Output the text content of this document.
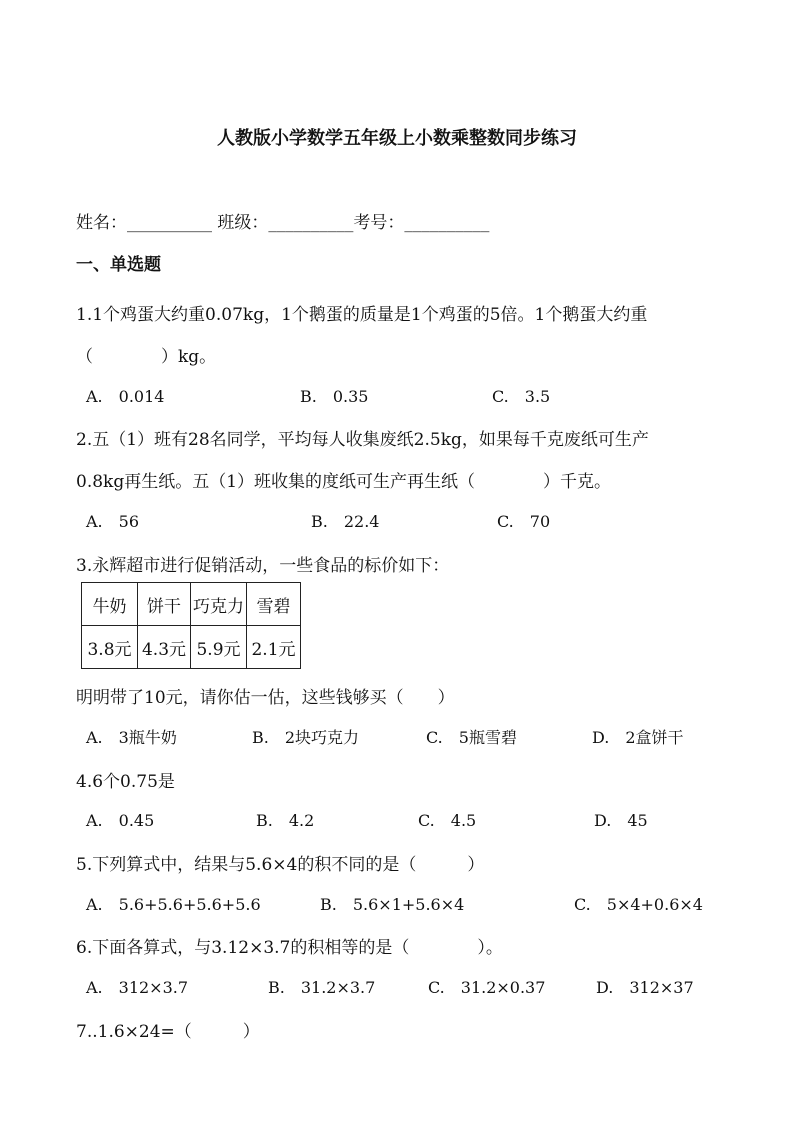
人教版小学数学五年级上小数乘整数同步练习
姓名：__________ 班级：__________考号：__________
一、单选题
1.1个鸡蛋大约重0.07kg，1个鹅蛋的质量是1个鸡蛋的5倍。1个鹅蛋大约重
（　　　　）kg。
A.　0.014	B.　0.35	C.　3.5
2.五（1）班有28名同学，平均每人收集废纸2.5kg，如果每千克废纸可生产
0.8kg再生纸。五（1）班收集的度纸可生产再生纸（　　　　）千克。
A.　56	B.　22.4	C.　70
3.永辉超市进行促销活动，一些食品的标价如下：
牛奶	饼干	巧克力	雪碧
3.8元	4.3元	5.9元	2.1元
明明带了10元，请你估一估，这些钱够买（　　）
A.　3瓶牛奶	B.　2块巧克力	C.　5瓶雪碧	D.　2盒饼干
4.6个0.75是
A.　0.45	B.　4.2	C.　4.5	D.　45
5.下列算式中，结果与5.6×4的积不同的是（　　　）
A.　5.6+5.6+5.6+5.6	B.　5.6×1+5.6×4	C.　5×4+0.6×4
6.下面各算式，与3.12×3.7的积相等的是（　　　　）。
A.　312×3.7	B.　31.2×3.7	C.　31.2×0.37	D.　312×37
7..1.6×24=（　　　）
